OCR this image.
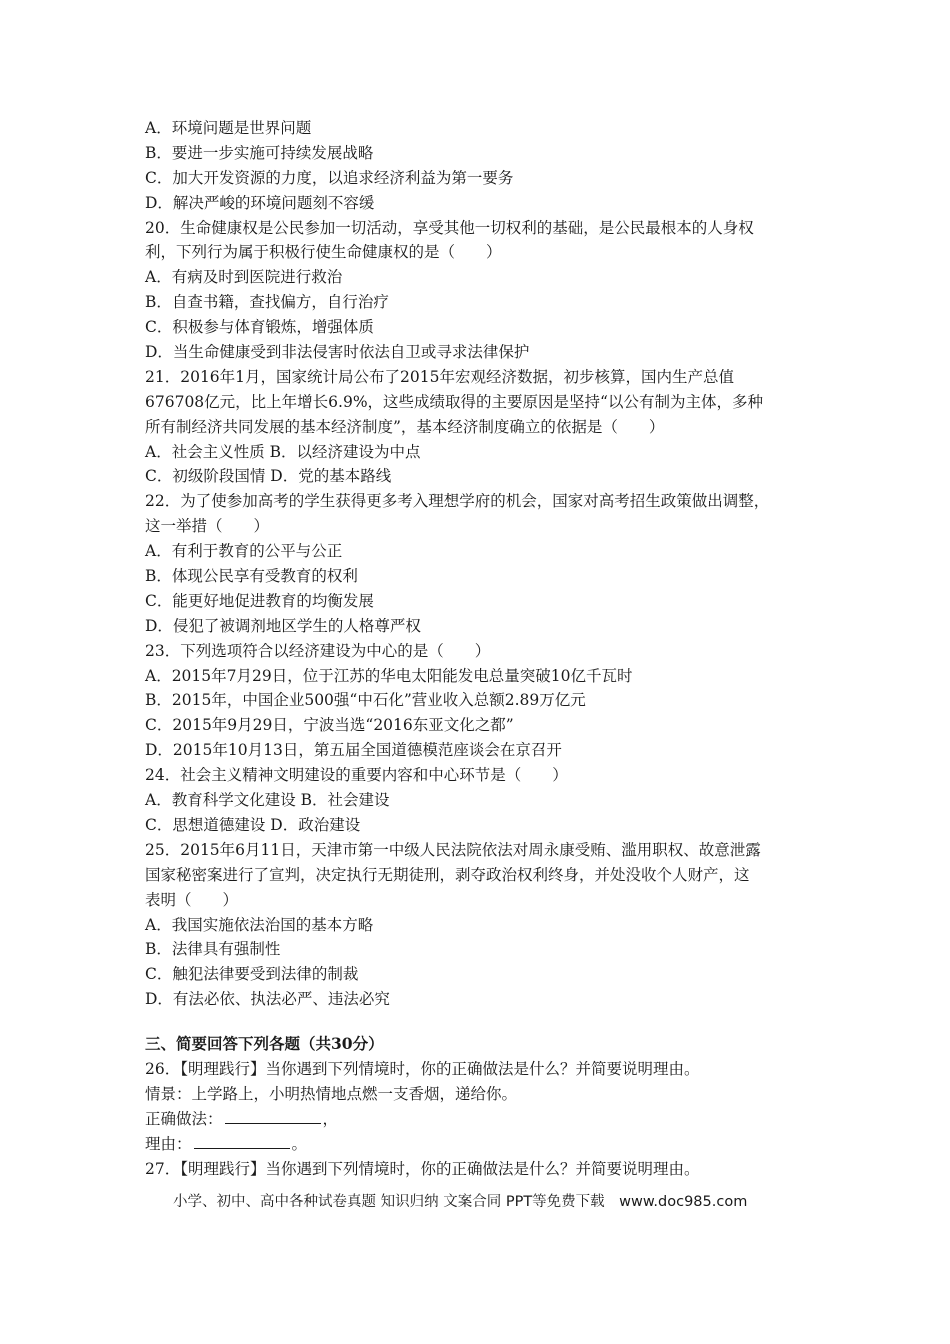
A．环境问题是世界问题
B．要进一步实施可持续发展战略
C．加大开发资源的力度，以追求经济利益为第一要务
D．解决严峻的环境问题刻不容缓
20．生命健康权是公民参加一切活动，享受其他一切权利的基础，是公民最根本的人身权
利，下列行为属于积极行使生命健康权的是（　　）
A．有病及时到医院进行救治
B．自查书籍，查找偏方，自行治疗
C．积极参与体育锻炼，增强体质
D．当生命健康受到非法侵害时依法自卫或寻求法律保护
21．2016年1月，国家统计局公布了2015年宏观经济数据，初步核算，国内生产总值
676708亿元，比上年增长6.9%，这些成绩取得的主要原因是坚持“以公有制为主体，多种
所有制经济共同发展的基本经济制度”，基本经济制度确立的依据是（　　）
A．社会主义性质 B．以经济建设为中点
C．初级阶段国情 D．党的基本路线
22．为了使参加高考的学生获得更多考入理想学府的机会，国家对高考招生政策做出调整，
这一举措（　　）
A．有利于教育的公平与公正
B．体现公民享有受教育的权利
C．能更好地促进教育的均衡发展
D．侵犯了被调剂地区学生的人格尊严权
23．下列选项符合以经济建设为中心的是（　　）
A．2015年7月29日，位于江苏的华电太阳能发电总量突破10亿千瓦时
B．2015年，中国企业500强“中石化”营业收入总额2.89万亿元
C．2015年9月29日，宁波当选“2016东亚文化之都”
D．2015年10月13日，第五届全国道德模范座谈会在京召开
24．社会主义精神文明建设的重要内容和中心环节是（　　）
A．教育科学文化建设 B．社会建设
C．思想道德建设 D．政治建设
25．2015年6月11日，天津市第一中级人民法院依法对周永康受贿、滥用职权、故意泄露
国家秘密案进行了宣判，决定执行无期徒刑，剥夺政治权利终身，并处没收个人财产，这
表明（　　）
A．我国实施依法治国的基本方略
B．法律具有强制性
C．触犯法律要受到法律的制裁
D．有法必依、执法必严、违法必究
三、简要回答下列各题（共30分）
26．【明理践行】当你遇到下列情境时，你的正确做法是什么？并简要说明理由。
情景：上学路上，小明热情地点燃一支香烟，递给你。
正确做法：	，
理由：	。
27．【明理践行】当你遇到下列情境时，你的正确做法是什么？并简要说明理由。
小学、初中、高中各种试卷真题 知识归纳 文案合同 PPT等免费下载　www.doc985.com
